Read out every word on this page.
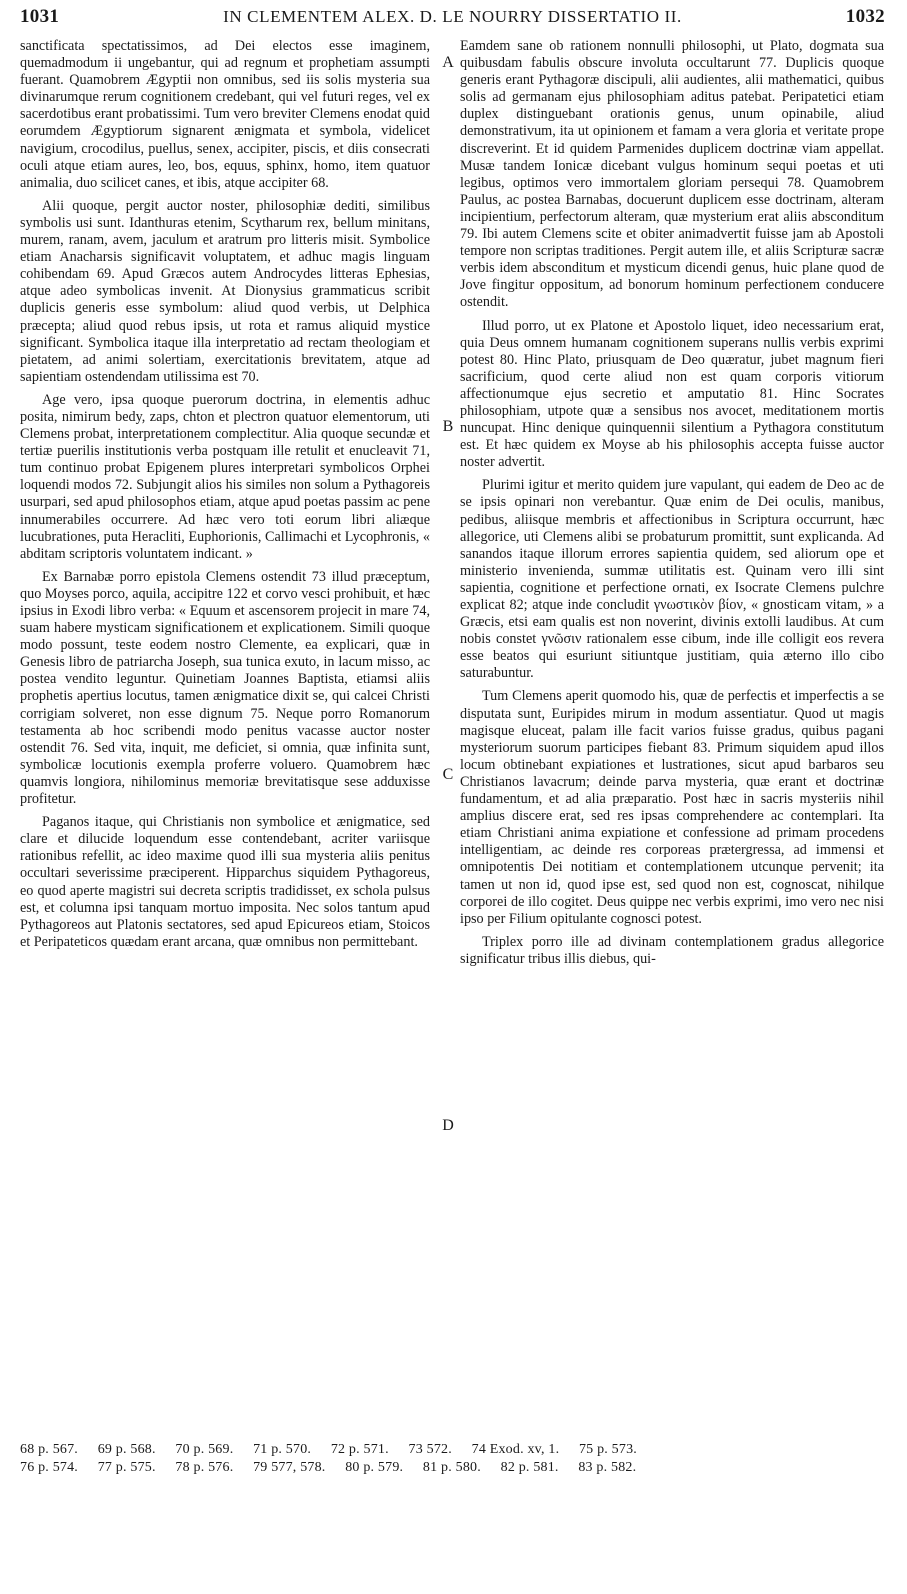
1031	IN CLEMENTEM ALEX. D. LE NOURRY DISSERTATIO II.	1032

sanctificata spectatissimos, ad Dei electos esse imaginem, quemadmodum ii ungebantur, qui ad regnum et prophetiam assumpti fuerant. Quamobrem Ægyptii non omnibus, sed iis solis mysteria sua divinarumque rerum cognitionem credebant, qui vel futuri reges, vel ex sacerdotibus erant probatissimi. Tum vero breviter Clemens enodat quid eorumdem Ægyptiorum signarent ænigmata et symbola, videlicet navigium, crocodilus, puellus, senex, accipiter, piscis, et diis consecrati oculi atque etiam aures, leo, bos, equus, sphinx, homo, item quatuor animalia, duo scilicet canes, et ibis, atque accipiter 68.

Alii quoque, pergit auctor noster, philosophiæ dediti, similibus symbolis usi sunt. Idanthuras etenim, Scytharum rex, bellum minitans, murem, ranam, avem, jaculum et aratrum pro litteris misit. Symbolice etiam Anacharsis significavit voluptatem, et adhuc magis linguam cohibendam 69. Apud Græcos autem Androcydes litteras Ephesias, atque adeo symbolicas invenit. At Dionysius grammaticus scribit duplicis generis esse symbolum: aliud quod verbis, ut Delphica præcepta; aliud quod rebus ipsis, ut rota et ramus aliquid mystice significant. Symbolica itaque illa interpretatio ad rectam theologiam et pietatem, ad animi solertiam, exercitationis brevitatem, atque ad sapientiam ostendendam utilissima est 70.

Age vero, ipsa quoque puerorum doctrina, in elementis adhuc posita, nimirum bedy, zaps, chton et plectron quatuor elementorum, uti Clemens probat, interpretationem complectitur. Alia quoque secundæ et tertiæ puerilis institutionis verba postquam ille retulit et enucleavit 71, tum continuo probat Epigenem plures interpretari symbolicos Orphei loquendi modos 72. Subjungit alios his similes non solum a Pythagoreis usurpari, sed apud philosophos etiam, atque apud poetas passim ac pene innumerabiles occurrere. Ad hæc vero toti eorum libri aliæque lucubrationes, puta Heracliti, Euphorionis, Callimachi et Lycophronis, « abditam scriptoris voluntatem indicant. »

Ex Barnabæ porro epistola Clemens ostendit 73 illud præceptum, quo Moyses porco, aquila, accipitre 122 et corvo vesci prohibuit, et hæc ipsius in Exodi libro verba: « Equum et ascensorem projecit in mare 74, suam habere mysticam significationem et explicationem. Simili quoque modo possunt, teste eodem nostro Clemente, ea explicari, quæ in Genesis libro de patriarcha Joseph, sua tunica exuto, in lacum misso, ac postea vendito leguntur. Quinetiam Joannes Baptista, etiamsi aliis prophetis apertius locutus, tamen ænigmatice dixit se, qui calcei Christi corrigiam solveret, non esse dignum 75. Neque porro Romanorum testamenta ab hoc scribendi modo penitus vacasse auctor noster ostendit 76. Sed vita, inquit, me deficiet, si omnia, quæ infinita sunt, symbolicæ locutionis exempla proferre voluero. Quamobrem hæc quamvis longiora, nihilominus memoriæ brevitatisque sese adduxisse profitetur.

Paganos itaque, qui Christianis non symbolice et ænigmatice, sed clare et dilucide loquendum esse contendebant, acriter variisque rationibus refellit, ac ideo maxime quod illi sua mysteria aliis penitus occultari severissime præciperent. Hipparchus siquidem Pythagoreus, eo quod aperte magistri sui decreta scriptis tradidisset, ex schola pulsus est, et columna ipsi tanquam mortuo imposita. Nec solos tantum apud Pythagoreos aut Platonis sectatores, sed apud Epicureos etiam, Stoicos et Peripateticos quædam erant arcana, quæ omnibus non permittebant.

A
B
C
D

Eamdem sane ob rationem nonnulli philosophi, ut Plato, dogmata sua quibusdam fabulis obscure involuta occultarunt 77. Duplicis quoque generis erant Pythagoræ discipuli, alii audientes, alii mathematici, quibus solis ad germanam ejus philosophiam aditus patebat. Peripatetici etiam duplex distinguebant orationis genus, unum opinabile, aliud demonstrativum, ita ut opinionem et famam a vera gloria et veritate prope discreverint. Et id quidem Parmenides duplicem doctrinæ viam appellat. Musæ tandem Ionicæ dicebant vulgus hominum sequi poetas et uti legibus, optimos vero immortalem gloriam persequi 78. Quamobrem Paulus, ac postea Barnabas, docuerunt duplicem esse doctrinam, alteram incipientium, perfectorum alteram, quæ mysterium erat aliis absconditum 79. Ibi autem Clemens scite et obiter animadvertit fuisse jam ab Apostoli tempore non scriptas traditiones. Pergit autem ille, et aliis Scripturæ sacræ verbis idem absconditum et mysticum dicendi genus, huic plane quod de Jove fingitur oppositum, ad bonorum hominum perfectionem conducere ostendit.

Illud porro, ut ex Platone et Apostolo liquet, ideo necessarium erat, quia Deus omnem humanam cognitionem superans nullis verbis exprimi potest 80. Hinc Plato, priusquam de Deo quæratur, jubet magnum fieri sacrificium, quod certe aliud non est quam corporis vitiorum affectionumque ejus secretio et amputatio 81. Hinc Socrates philosophiam, utpote quæ a sensibus nos avocet, meditationem mortis nuncupat. Hinc denique quinquennii silentium a Pythagora constitutum est. Et hæc quidem ex Moyse ab his philosophis accepta fuisse auctor noster advertit.

Plurimi igitur et merito quidem jure vapulant, qui eadem de Deo ac de se ipsis opinari non verebantur. Quæ enim de Dei oculis, manibus, pedibus, aliisque membris et affectionibus in Scriptura occurrunt, hæc allegorice, uti Clemens alibi se probaturum promittit, sunt explicanda. Ad sanandos itaque illorum errores sapientia quidem, sed aliorum ope et ministerio invenienda, summæ utilitatis est. Quinam vero illi sint sapientia, cognitione et perfectione ornati, ex Isocrate Clemens pulchre explicat 82; atque inde concludit γνωστικὸν βίον, « gnosticam vitam, » a Græcis, etsi eam qualis est non noverint, divinis extolli laudibus. At cum nobis constet γνῶσιν rationalem esse cibum, inde ille colligit eos revera esse beatos qui esuriunt sitiuntque justitiam, quia æterno illo cibo saturabuntur.

Tum Clemens aperit quomodo his, quæ de perfectis et imperfectis a se disputata sunt, Euripides mirum in modum assentiatur. Quod ut magis magisque eluceat, palam ille facit varios fuisse gradus, quibus pagani mysteriorum suorum participes fiebant 83. Primum siquidem apud illos locum obtinebant expiationes et lustrationes, sicut apud barbaros seu Christianos lavacrum; deinde parva mysteria, quæ erant et doctrinæ fundamentum, et ad alia præparatio. Post hæc in sacris mysteriis nihil amplius discere erat, sed res ipsas comprehendere ac contemplari. Ita etiam Christiani anima expiatione et confessione ad primam procedens intelligentiam, ac deinde res corporeas prætergressa, ad immensi et omnipotentis Dei notitiam et contemplationem utcunque pervenit; ita tamen ut non id, quod ipse est, sed quod non est, cognoscat, nihilque corporei de illo cogitet. Deus quippe nec verbis exprimi, imo vero nec nisi ipso per Filium opitulante cognosci potest.

Triplex porro ille ad divinam contemplationem gradus allegorice significatur tribus illis diebus, qui-

68 p. 567. 69 p. 568. 70 p. 569. 71 p. 570. 72 p. 571. 73 572. 74 Exod. xv, 1. 75 p. 573.
76 p. 574. 77 p. 575. 78 p. 576. 79 577, 578. 80 p. 579. 81 p. 580. 82 p. 581. 83 p. 582.
